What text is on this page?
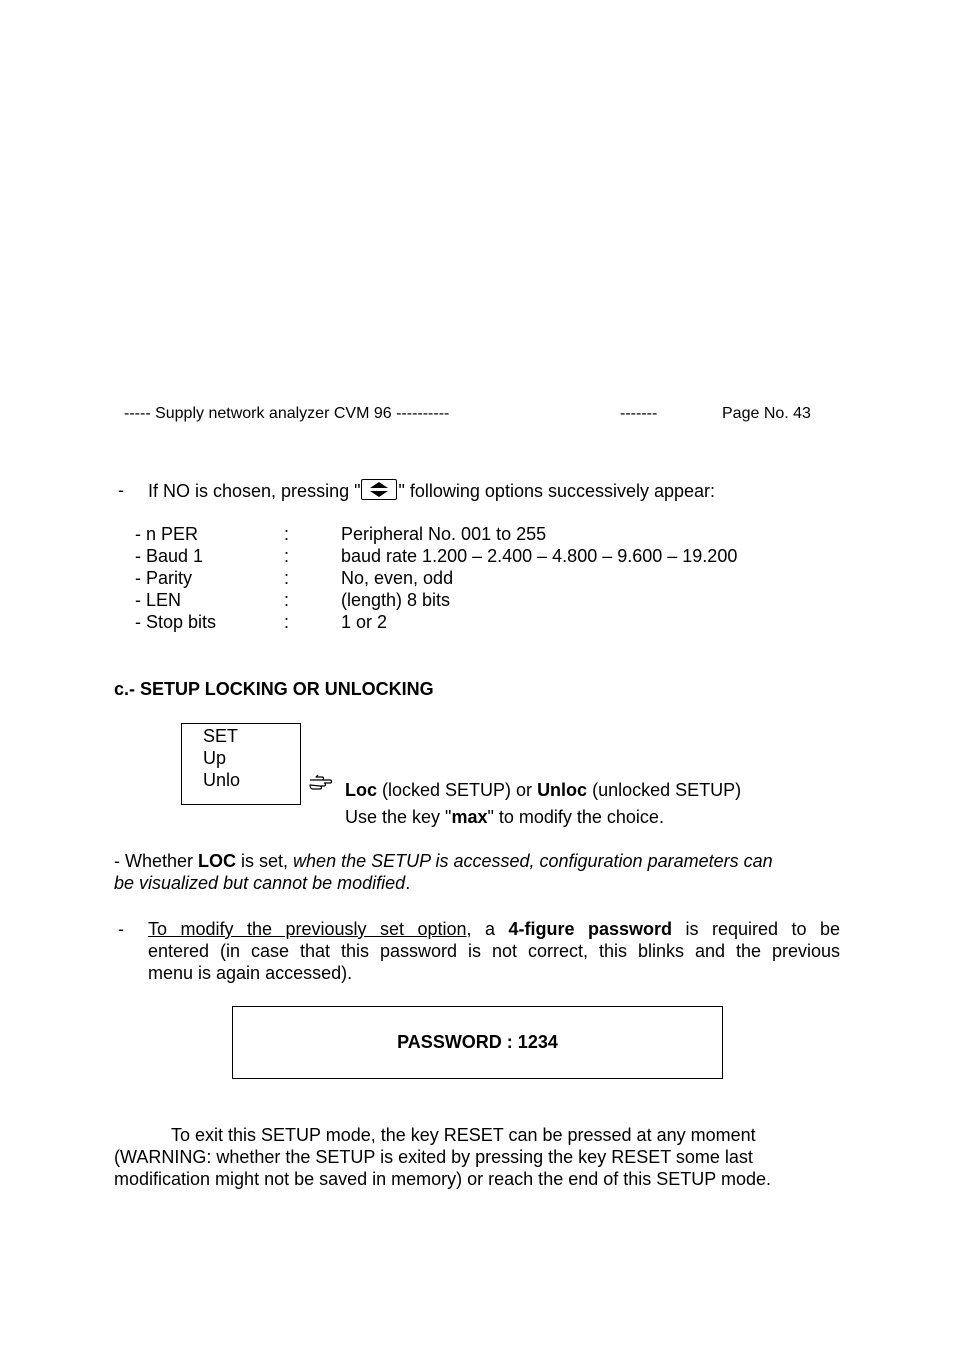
----- Supply network analyzer CVM 96 ----------	-------	Page No. 43
- If NO is chosen, pressing " " following options successively appear:
- n PER	:	Peripheral No. 001 to 255
- Baud 1	:	baud rate 1.200 – 2.400 – 4.800 – 9.600 – 19.200
- Parity	:	No, even, odd
- LEN	:	(length) 8 bits
- Stop bits	:	1 or 2
c.- SETUP LOCKING OR UNLOCKING
SET
Up
Unlo	Loc (locked SETUP) or Unloc (unlocked SETUP)
Use the key "max" to modify the choice.
- Whether LOC is set, when the SETUP is accessed, configuration parameters can
be visualized but cannot be modified.
- To modify the previously set option, a 4-figure password is required to be
entered (in case that this password is not correct, this blinks and the previous
menu is again accessed).
PASSWORD : 1234
To exit this SETUP mode, the key RESET can be pressed at any moment
(WARNING: whether the SETUP is exited by pressing the key RESET some last
modification might not be saved in memory) or reach the end of this SETUP mode.
